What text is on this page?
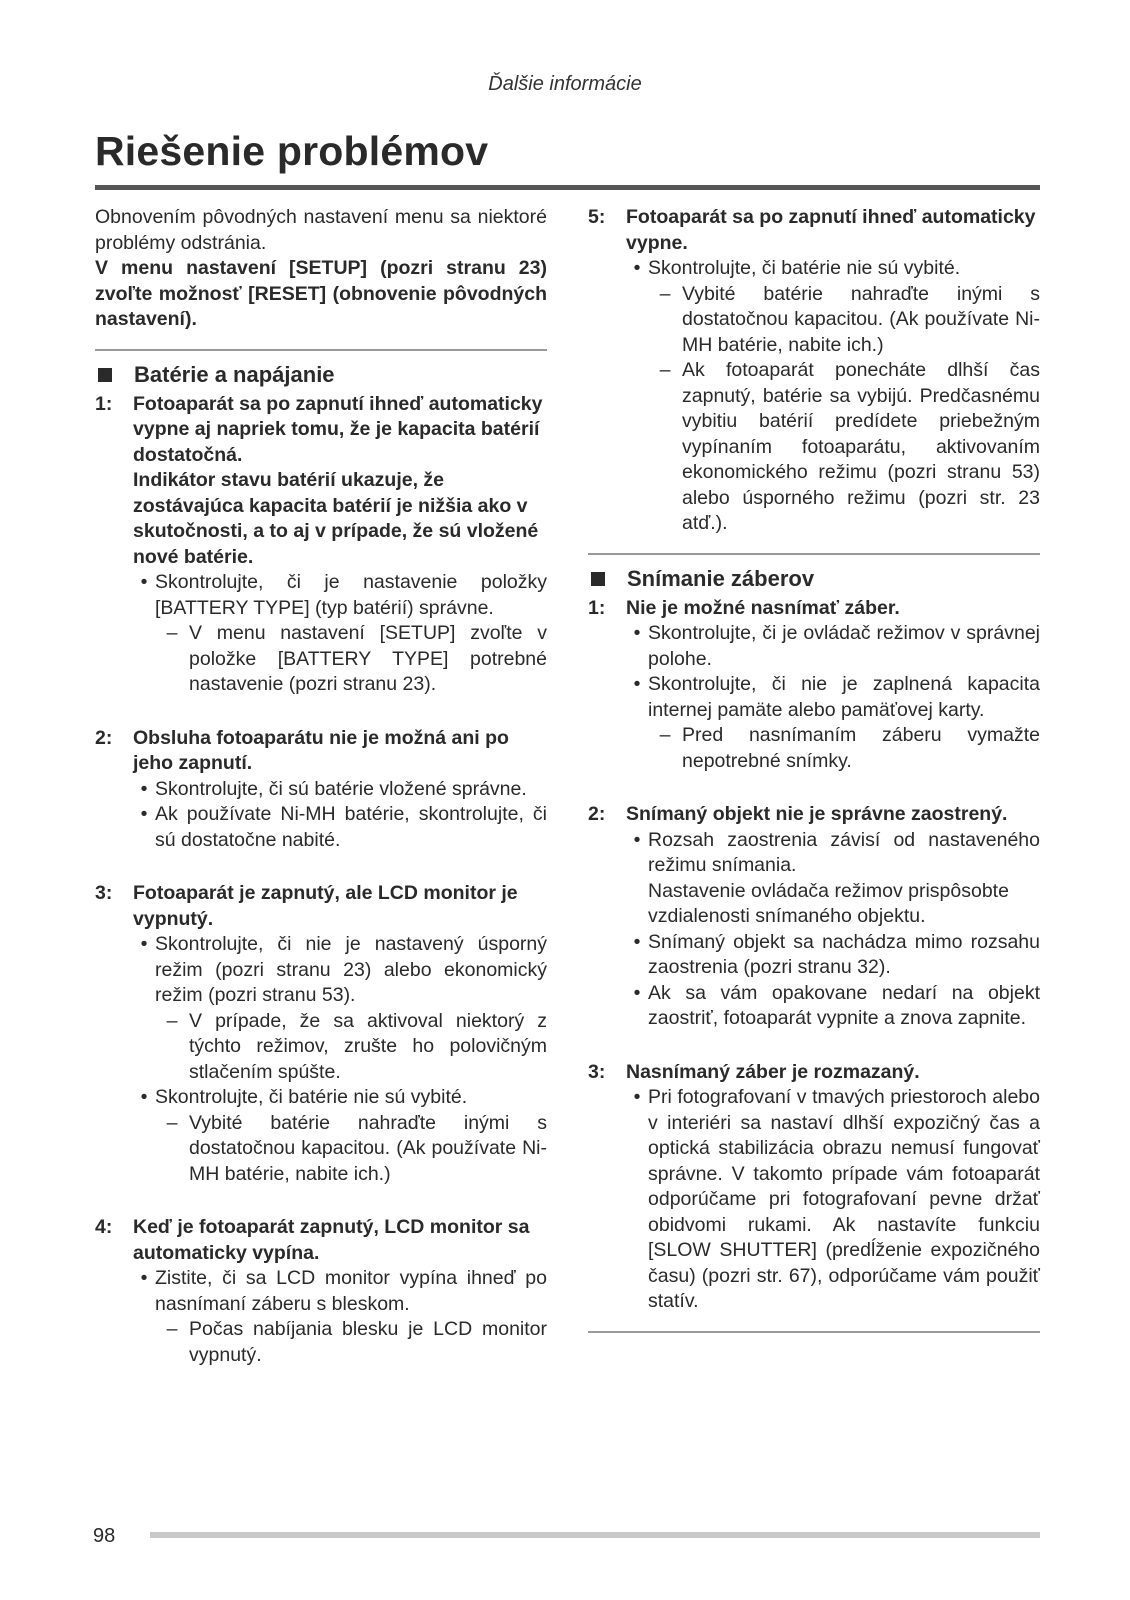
Ďalšie informácie
Riešenie problémov

Obnovením pôvodných nastavení menu sa niektoré problémy odstránia.

V menu nastavení [SETUP] (pozri stranu 23) zvoľte možnosť [RESET] (obnovenie pôvodných nastavení).

Batérie a napájanie
1:	Fotoaparát sa po zapnutí ihneď automaticky vypne aj napriek tomu, že je kapacita batérií dostatočná.

Indikátor stavu batérií ukazuje, že zostávajúca kapacita batérií je nižšia ako v skutočnosti, a to aj v prípade, že sú vložené nové batérie.

• Skontrolujte, či je nastavenie položky [BATTERY TYPE] (typ batérií) správne.
– V menu nastavení [SETUP] zvoľte v položke [BATTERY TYPE] potrebné nastavenie (pozri stranu 23).
2:	Obsluha fotoaparátu nie je možná ani po jeho zapnutí.

• Skontrolujte, či sú batérie vložené správne.
• Ak používate Ni-MH batérie, skontrolujte, či sú dostatočne nabité.
3:	Fotoaparát je zapnutý, ale LCD monitor je vypnutý.

• Skontrolujte, či nie je nastavený úsporný režim (pozri stranu 23) alebo ekonomický režim (pozri stranu 53).
– V prípade, že sa aktivoval niektorý z týchto režimov, zrušte ho polovičným stlačením spúšte.
• Skontrolujte, či batérie nie sú vybité.
– Vybité batérie nahraďte inými s dostatočnou kapacitou. (Ak používate Ni-MH batérie, nabite ich.)
4:	Keď je fotoaparát zapnutý, LCD monitor sa automaticky vypína.

• Zistite, či sa LCD monitor vypína ihneď po nasnímaní záberu s bleskom.
– Počas nabíjania blesku je LCD monitor vypnutý.
5:	Fotoaparát sa po zapnutí ihneď automaticky vypne.

• Skontrolujte, či batérie nie sú vybité.
– Vybité batérie nahraďte inými s dostatočnou kapacitou. (Ak používate Ni-MH batérie, nabite ich.)
– Ak fotoaparát ponecháte dlhší čas zapnutý, batérie sa vybijú. Predčasnému vybitiu batérií predídete priebežným vypínaním fotoaparátu, aktivovaním ekonomického režimu (pozri stranu 53) alebo úsporného režimu (pozri str. 23 atď.).
Snímanie záberov
1:	Nie je možné nasnímať záber.

• Skontrolujte, či je ovládač režimov v správnej polohe.
• Skontrolujte, či nie je zaplnená kapacita internej pamäte alebo pamäťovej karty.
– Pred nasnímaním záberu vymažte nepotrebné snímky.
2:	Snímaný objekt nie je správne zaostrený.

• Rozsah zaostrenia závisí od nastaveného režimu snímania.
Nastavenie ovládača režimov prispôsobte vzdialenosti snímaného objektu.
• Snímaný objekt sa nachádza mimo rozsahu zaostrenia (pozri stranu 32).
• Ak sa vám opakovane nedarí na objekt zaostriť, fotoaparát vypnite a znova zapnite.
3:	Nasnímaný záber je rozmazaný.

• Pri fotografovaní v tmavých priestoroch alebo v interiéri sa nastaví dlhší expozičný čas a optická stabilizácia obrazu nemusí fungovať správne. V takomto prípade vám fotoaparát odporúčame pri fotografovaní pevne držať obidvomi rukami. Ak nastavíte funkciu [SLOW SHUTTER] (predĺženie expozičného času) (pozri str. 67), odporúčame vám použiť statív.
98
